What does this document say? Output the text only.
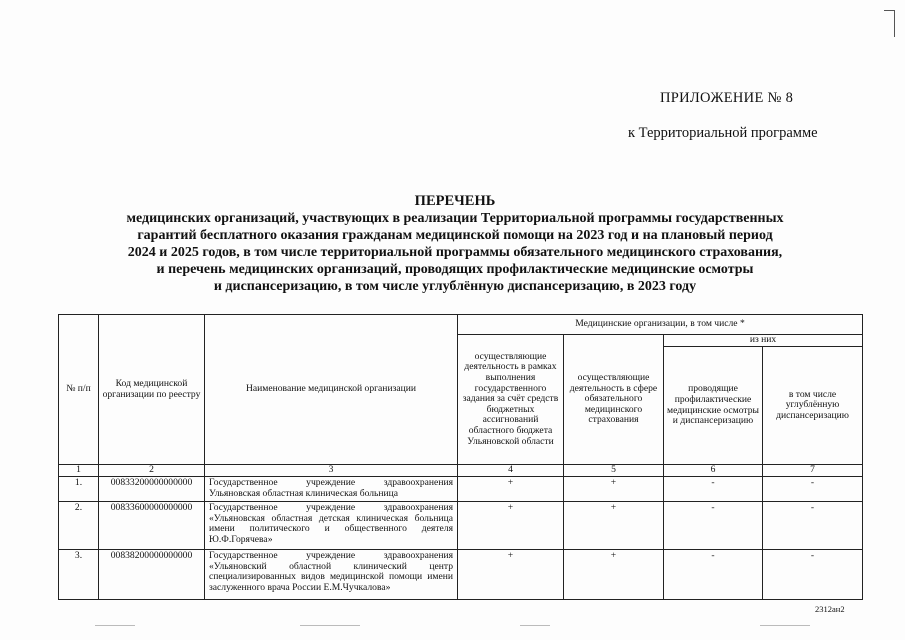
ПРИЛОЖЕНИЕ № 8
к Территориальной программе
ПЕРЕЧЕНЬ
медицинских организаций, участвующих в реализации Территориальной программы государственных
гарантий бесплатного оказания гражданам медицинской помощи на 2023 год и на плановый период
2024 и 2025 годов, в том числе территориальной программы обязательного медицинского страхования,
и перечень медицинских организаций, проводящих профилактические медицинские осмотры
и диспансеризацию, в том числе углублённую диспансеризацию, в 2023 году
№ п/п	Код медицинской организации по реестру	Наименование медицинской организации	Медицинские организации, в том числе *			
			осуществляющие деятельность в рамках выполнения государственного задания за счёт средств бюджетных ассигнований областного бюджета Ульяновской области	осуществляющие деятельность в сфере обязательного медицинского страхования	из них	
					проводящие профилактические медицинские осмотры и диспансеризацию	в том числе углублённую диспансеризацию
1	2	3	4	5	6	7
1.	00833200000000000	Государственное учреждение здравоохранения Ульяновская областная клиническая больница	+	+	-	-
2.	00833600000000000	Государственное учреждение здравоохранения «Ульяновская областная детская клиническая больница имени политического и общественного деятеля Ю.Ф.Горячева»	+	+	-	-
3.	00838200000000000	Государственное учреждение здравоохранения «Ульяновский областной клинический центр специализированных видов медицинской помощи имени заслуженного врача России Е.М.Чучкалова»	+	+	-	-
2312ан2
